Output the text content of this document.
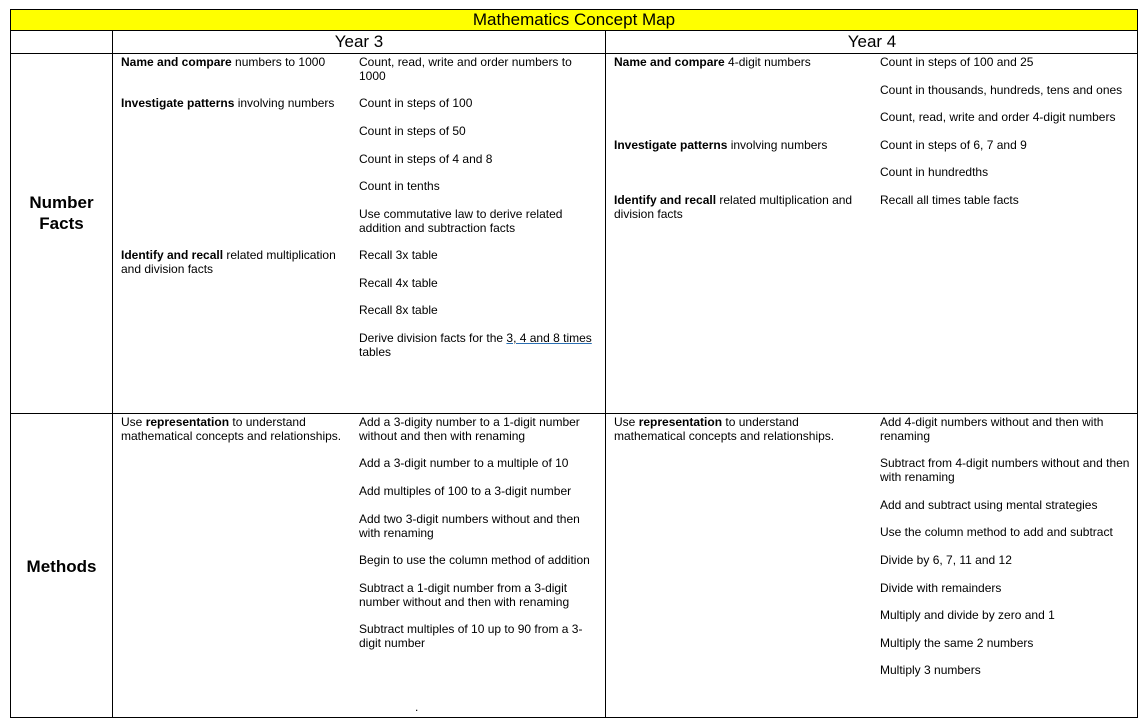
Mathematics Concept Map
Year 3	Year 4
Number Facts
Methods
Name and compare numbers to 1000
Investigate patterns involving numbers
Identify and recall related multiplication and division facts
Count, read, write and order numbers to 1000
Count in steps of 100
Count in steps of 50
Count in steps of 4 and 8
Count in tenths
Use commutative law to derive related addition and subtraction facts
Recall 3x table
Recall 4x table
Recall 8x table
Derive division facts for the 3, 4 and 8 times tables
Name and compare 4-digit numbers
Investigate patterns involving numbers
Identify and recall related multiplication and division facts
Count in steps of 100 and 25
Count in thousands, hundreds, tens and ones
Count, read, write and order 4-digit numbers
Count in steps of 6, 7 and 9
Count in hundredths
Recall all times table facts
Use representation to understand mathematical concepts and relationships.
Add a 3-digity number to a 1-digit number without and then with renaming
Add a 3-digit number to a multiple of 10
Add multiples of 100 to a 3-digit number
Add two 3-digit numbers without and then with renaming
Begin to use the column method of addition
Subtract a 1-digit number from a 3-digit number without and then with renaming
Subtract multiples of 10 up to 90 from a 3-digit number
Use representation to understand mathematical concepts and relationships.
Add 4-digit numbers without and then with renaming
Subtract from 4-digit numbers without and then with renaming
Add and subtract using mental strategies
Use the column method to add and subtract
Divide by 6, 7, 11 and 12
Divide with remainders
Multiply and divide by zero and 1
Multiply the same 2 numbers
Multiply 3 numbers
.
